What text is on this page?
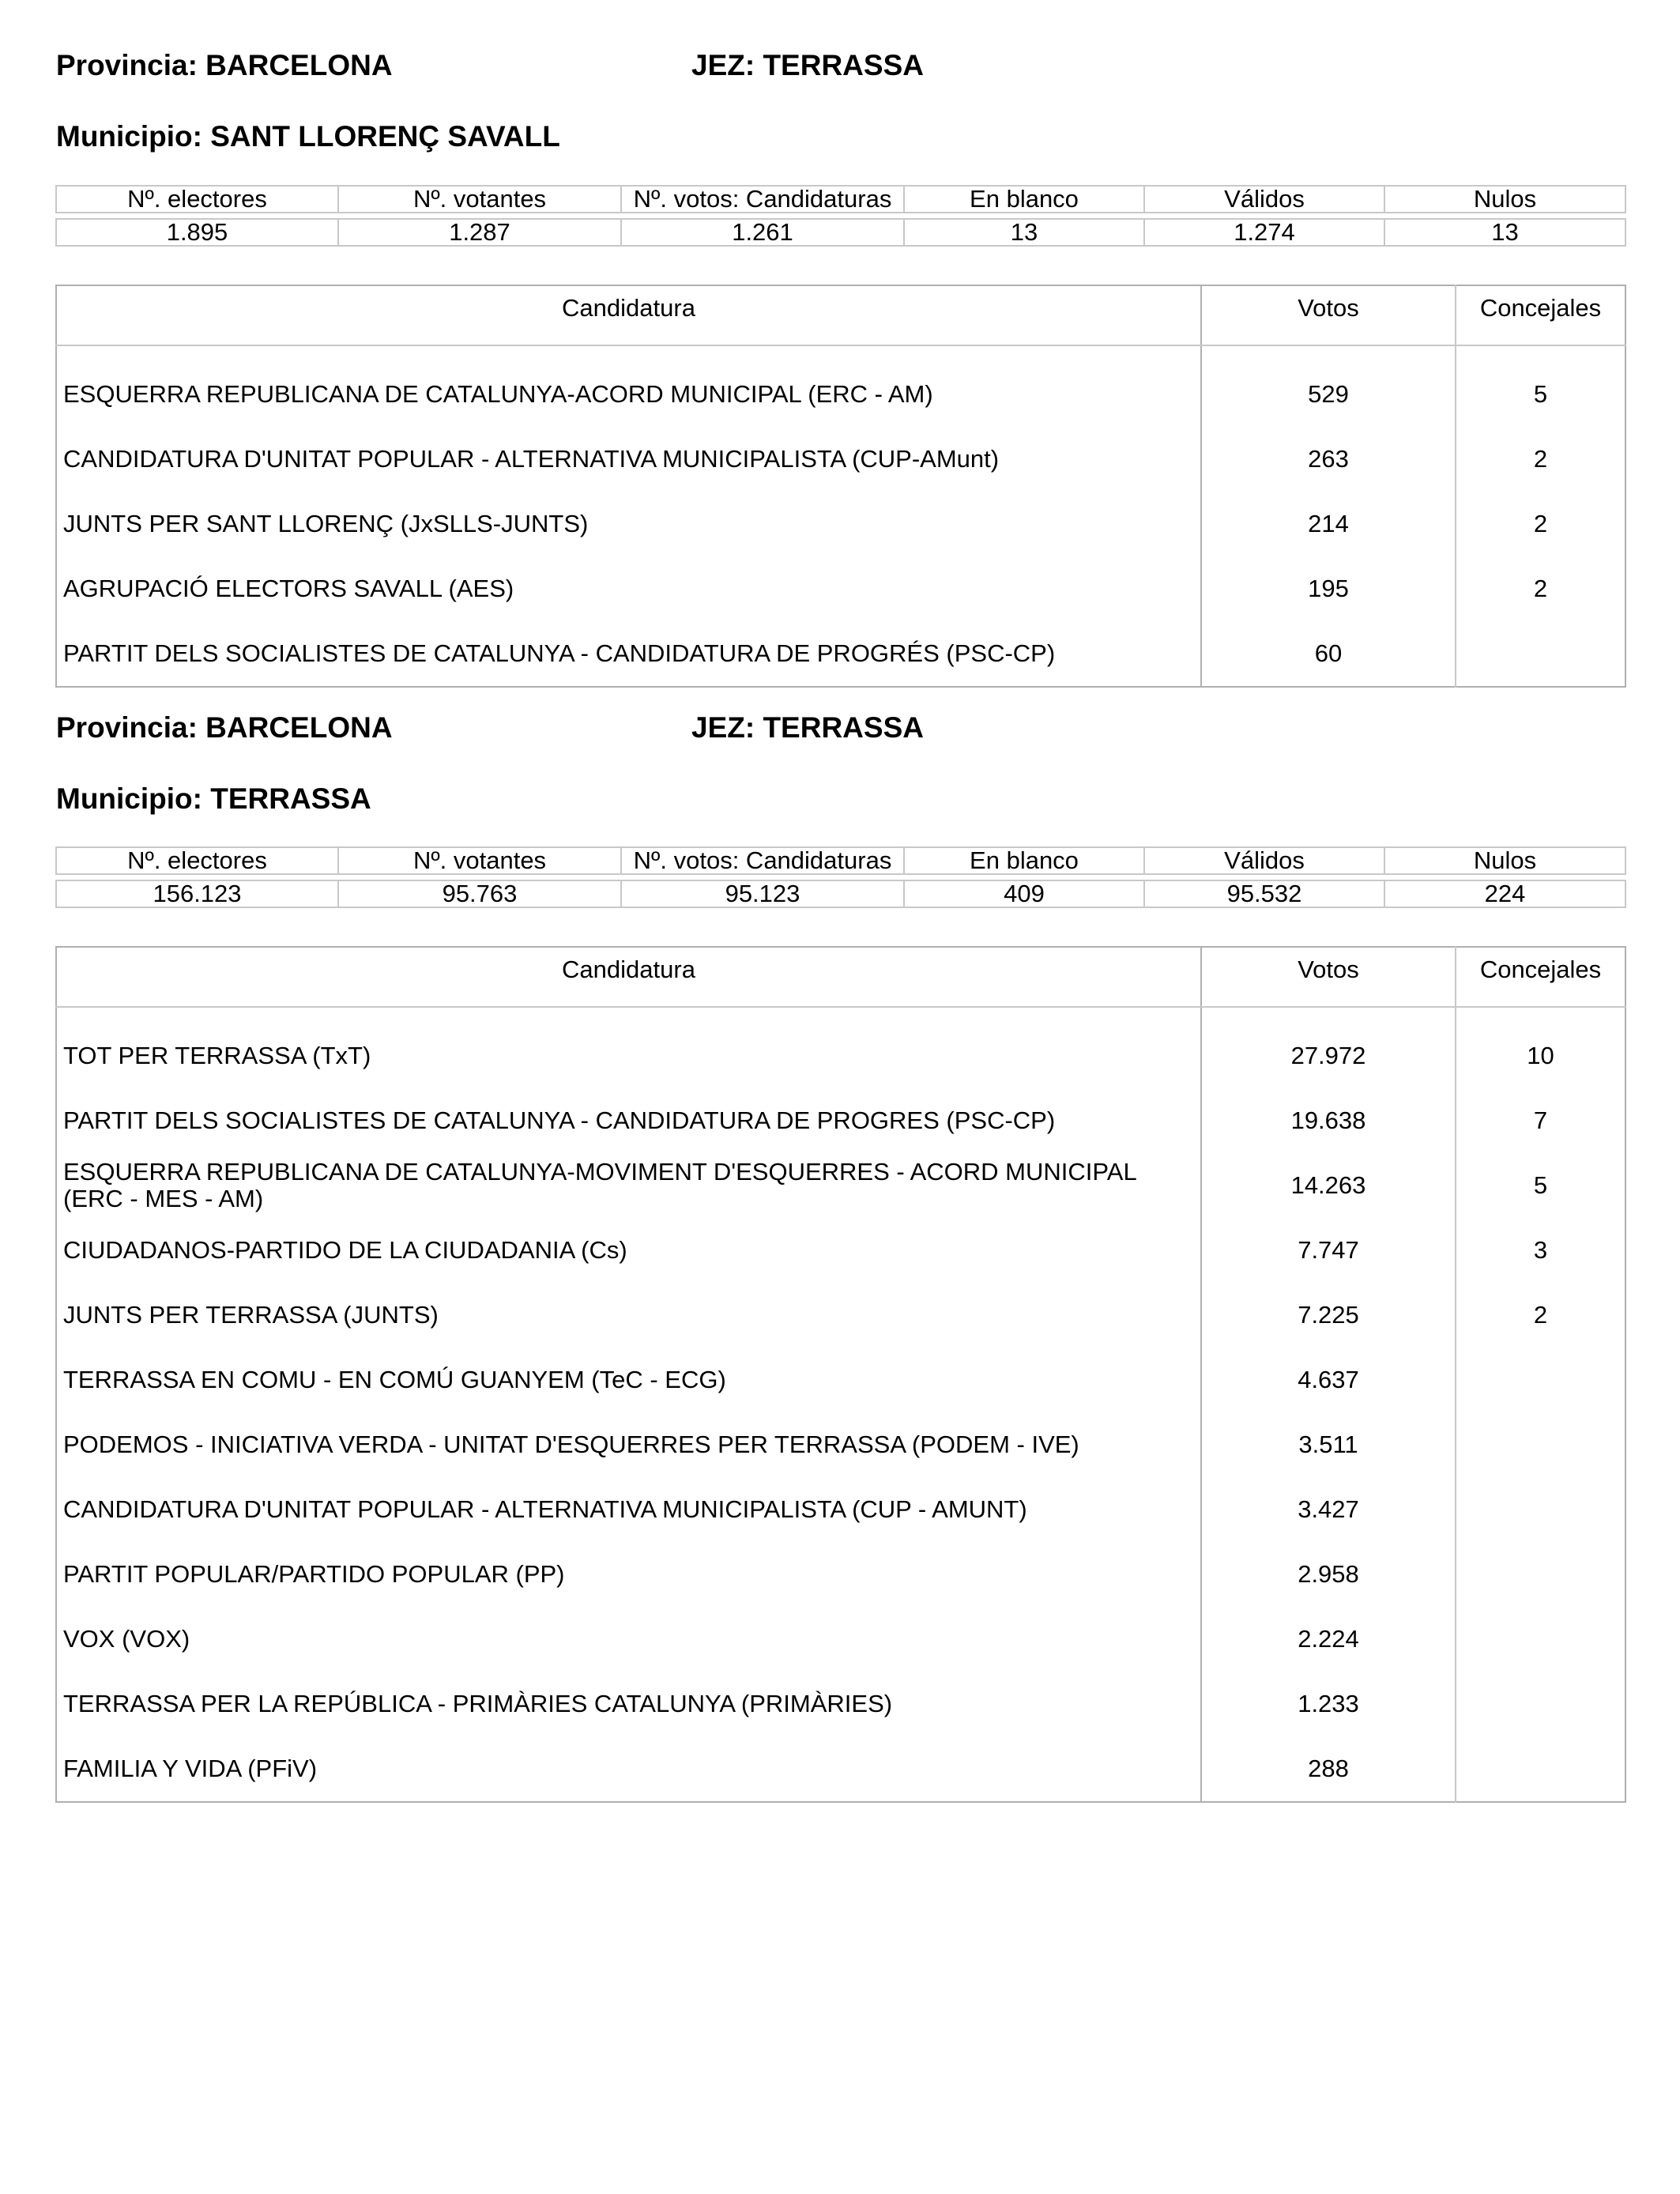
Provincia: BARCELONA	JEZ: TERRASSA
Municipio: SANT LLORENÇ SAVALL
Nº. electores	Nº. votantes	Nº. votos: Candidaturas	En blanco	Válidos	Nulos

1.895	1.287	1.261	13	1.274	13
Candidatura	Votos	Concejales

ESQUERRA REPUBLICANA DE CATALUNYA-ACORD MUNICIPAL (ERC - AM)	529	5
CANDIDATURA D'UNITAT POPULAR - ALTERNATIVA MUNICIPALISTA (CUP-AMunt)	263	2
JUNTS PER SANT LLORENÇ (JxSLLS-JUNTS)	214	2
AGRUPACIÓ ELECTORS SAVALL (AES)	195	2
PARTIT DELS SOCIALISTES DE CATALUNYA - CANDIDATURA DE PROGRÉS (PSC-CP)	60	
Provincia: BARCELONA	JEZ: TERRASSA
Municipio: TERRASSA
Nº. electores	Nº. votantes	Nº. votos: Candidaturas	En blanco	Válidos	Nulos

156.123	95.763	95.123	409	95.532	224
Candidatura	Votos	Concejales

TOT PER TERRASSA (TxT)	27.972	10
PARTIT DELS SOCIALISTES DE CATALUNYA - CANDIDATURA DE PROGRES (PSC-CP)	19.638	7
ESQUERRA REPUBLICANA DE CATALUNYA-MOVIMENT D'ESQUERRES - ACORD MUNICIPAL (ERC - MES - AM)	14.263	5
CIUDADANOS-PARTIDO DE LA CIUDADANIA (Cs)	7.747	3
JUNTS PER TERRASSA (JUNTS)	7.225	2
TERRASSA EN COMU - EN COMÚ GUANYEM (TeC - ECG)	4.637	
PODEMOS - INICIATIVA VERDA - UNITAT D'ESQUERRES PER TERRASSA (PODEM - IVE)	3.511	
CANDIDATURA D'UNITAT POPULAR - ALTERNATIVA MUNICIPALISTA (CUP - AMUNT)	3.427	
PARTIT POPULAR/PARTIDO POPULAR (PP)	2.958	
VOX (VOX)	2.224	
TERRASSA PER LA REPÚBLICA - PRIMÀRIES CATALUNYA (PRIMÀRIES)	1.233	
FAMILIA Y VIDA (PFiV)	288	
